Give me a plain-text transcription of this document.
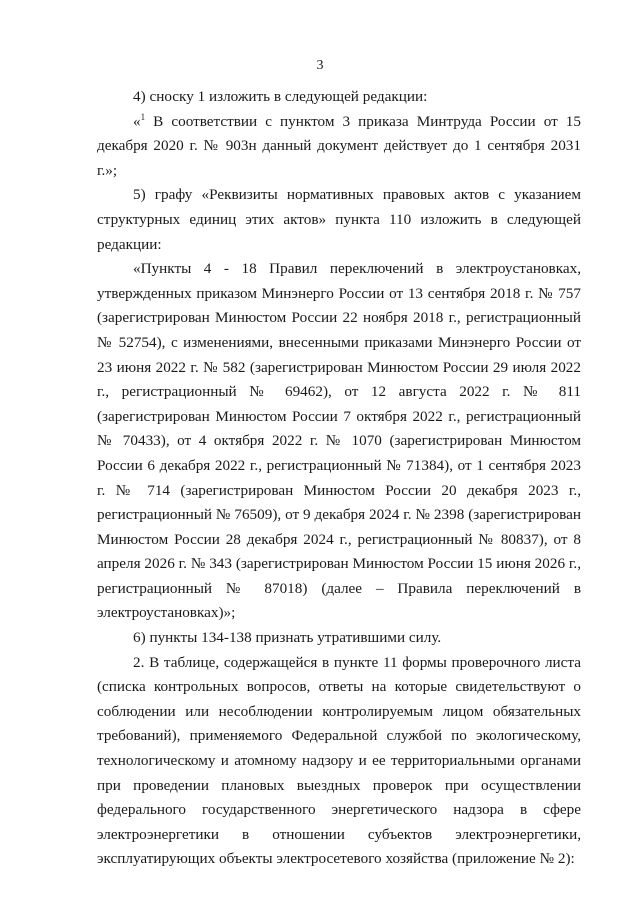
3

4) сноску 1 изложить в следующей редакции:

«$^1$ В соответствии с пунктом 3 приказа Минтруда России от 15 декабря 2020 г. № 903н данный документ действует до 1 сентября 2031 г.»;

5) графу «Реквизиты нормативных правовых актов с указанием структурных единиц этих актов» пункта 110 изложить в следующей редакции:

«Пункты 4 - 18 Правил переключений в электроустановках, утвержденных приказом Минэнерго России от 13 сентября 2018 г. № 757 (зарегистрирован Минюстом России 22 ноября 2018 г., регистрационный № 52754), с изменениями, внесенными приказами Минэнерго России от 23 июня 2022 г. № 582 (зарегистрирован Минюстом России 29 июля 2022 г., регистрационный № 69462), от 12 августа 2022 г. № 811 (зарегистрирован Минюстом России 7 октября 2022 г., регистрационный № 70433), от 4 октября 2022 г. № 1070 (зарегистрирован Минюстом России 6 декабря 2022 г., регистрационный № 71384), от 1 сентября 2023 г. № 714 (зарегистрирован Минюстом России 20 декабря 2023 г., регистрационный № 76509), от 9 декабря 2024 г. № 2398 (зарегистрирован Минюстом России 28 декабря 2024 г., регистрационный № 80837), от 8 апреля 2026 г. № 343 (зарегистрирован Минюстом России 15 июня 2026 г., регистрационный № 87018) (далее – Правила переключений в электроустановках)»;

6) пункты 134-138 признать утратившими силу.

2. В таблице, содержащейся в пункте 11 формы проверочного листа (списка контрольных вопросов, ответы на которые свидетельствуют о соблюдении или несоблюдении контролируемым лицом обязательных требований), применяемого Федеральной службой по экологическому, технологическому и атомному надзору и ее территориальными органами при проведении плановых выездных проверок при осуществлении федерального государственного энергетического надзора в сфере электроэнергетики в отношении субъектов электроэнергетики, эксплуатирующих объекты электросетевого хозяйства (приложение № 2):
